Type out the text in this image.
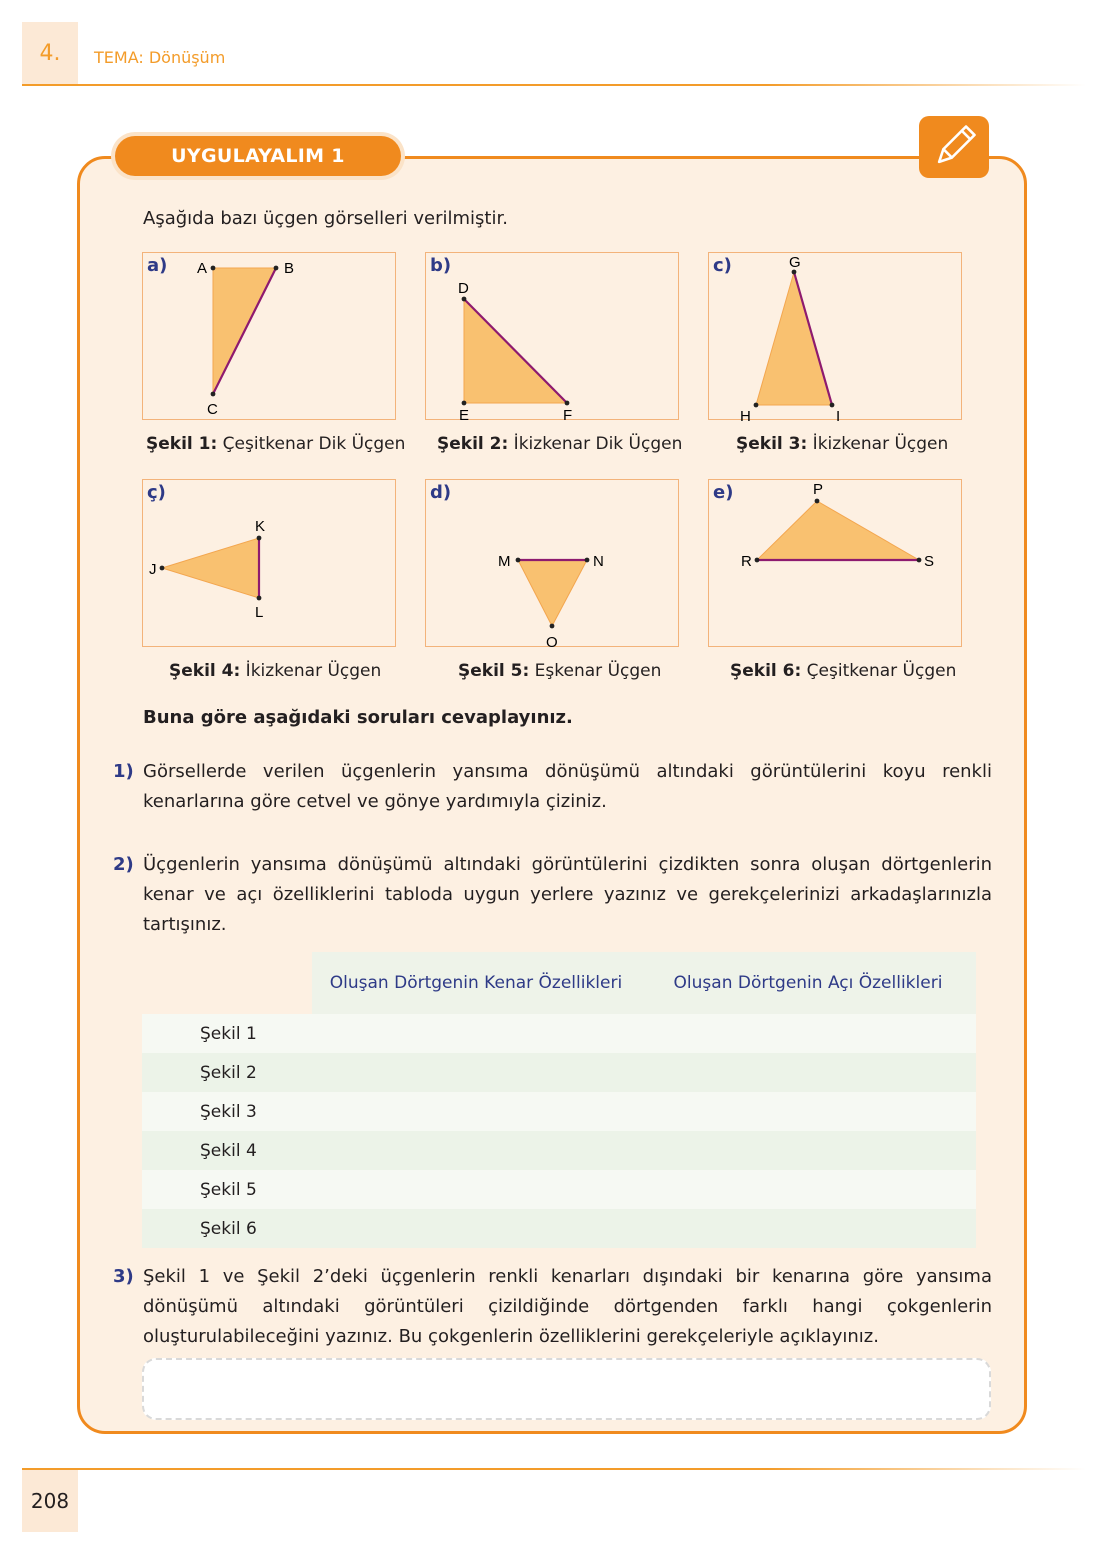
4.	TEMA: Dönüşüm
UYGULAYALIM 1
Aşağıda bazı üçgen görselleri verilmiştir.
a) A	B
C
Şekil 1: Çeşitkenar Dik Üçgen
b)
D
E	F
Şekil 2: İkizkenar Dik Üçgen
c)	G
H	I
Şekil 3: İkizkenar Üçgen
ç)
J
K
L
Şekil 4: İkizkenar Üçgen
d)
M	N
O
Şekil 5: Eşkenar Üçgen
e)	P
R	S
Şekil 6: Çeşitkenar Üçgen
Buna göre aşağıdaki soruları cevaplayınız.
1) Görsellerde verilen üçgenlerin yansıma dönüşümü altındaki görüntülerini koyu renkli kenarlarına göre cetvel ve gönye yardımıyla çiziniz.
2) Üçgenlerin yansıma dönüşümü altındaki görüntülerini çizdikten sonra oluşan dörtgenlerin kenar ve açı özelliklerini tabloda uygun yerlere yazınız ve gerekçelerinizi arkadaşlarınızla tartışınız.
	Oluşan Dörtgenin Kenar Özellikleri	Oluşan Dörtgenin Açı Özellikleri
Şekil 1		
Şekil 2		
Şekil 3		
Şekil 4		
Şekil 5		
Şekil 6		
3) Şekil 1 ve Şekil 2’deki üçgenlerin renkli kenarları dışındaki bir kenarına göre yansıma dönüşümü altındaki görüntüleri çizildiğinde dörtgenden farklı hangi çokgenlerin oluşturulabileceğini yazınız. Bu çokgenlerin özelliklerini gerekçeleriyle açıklayınız.
208
